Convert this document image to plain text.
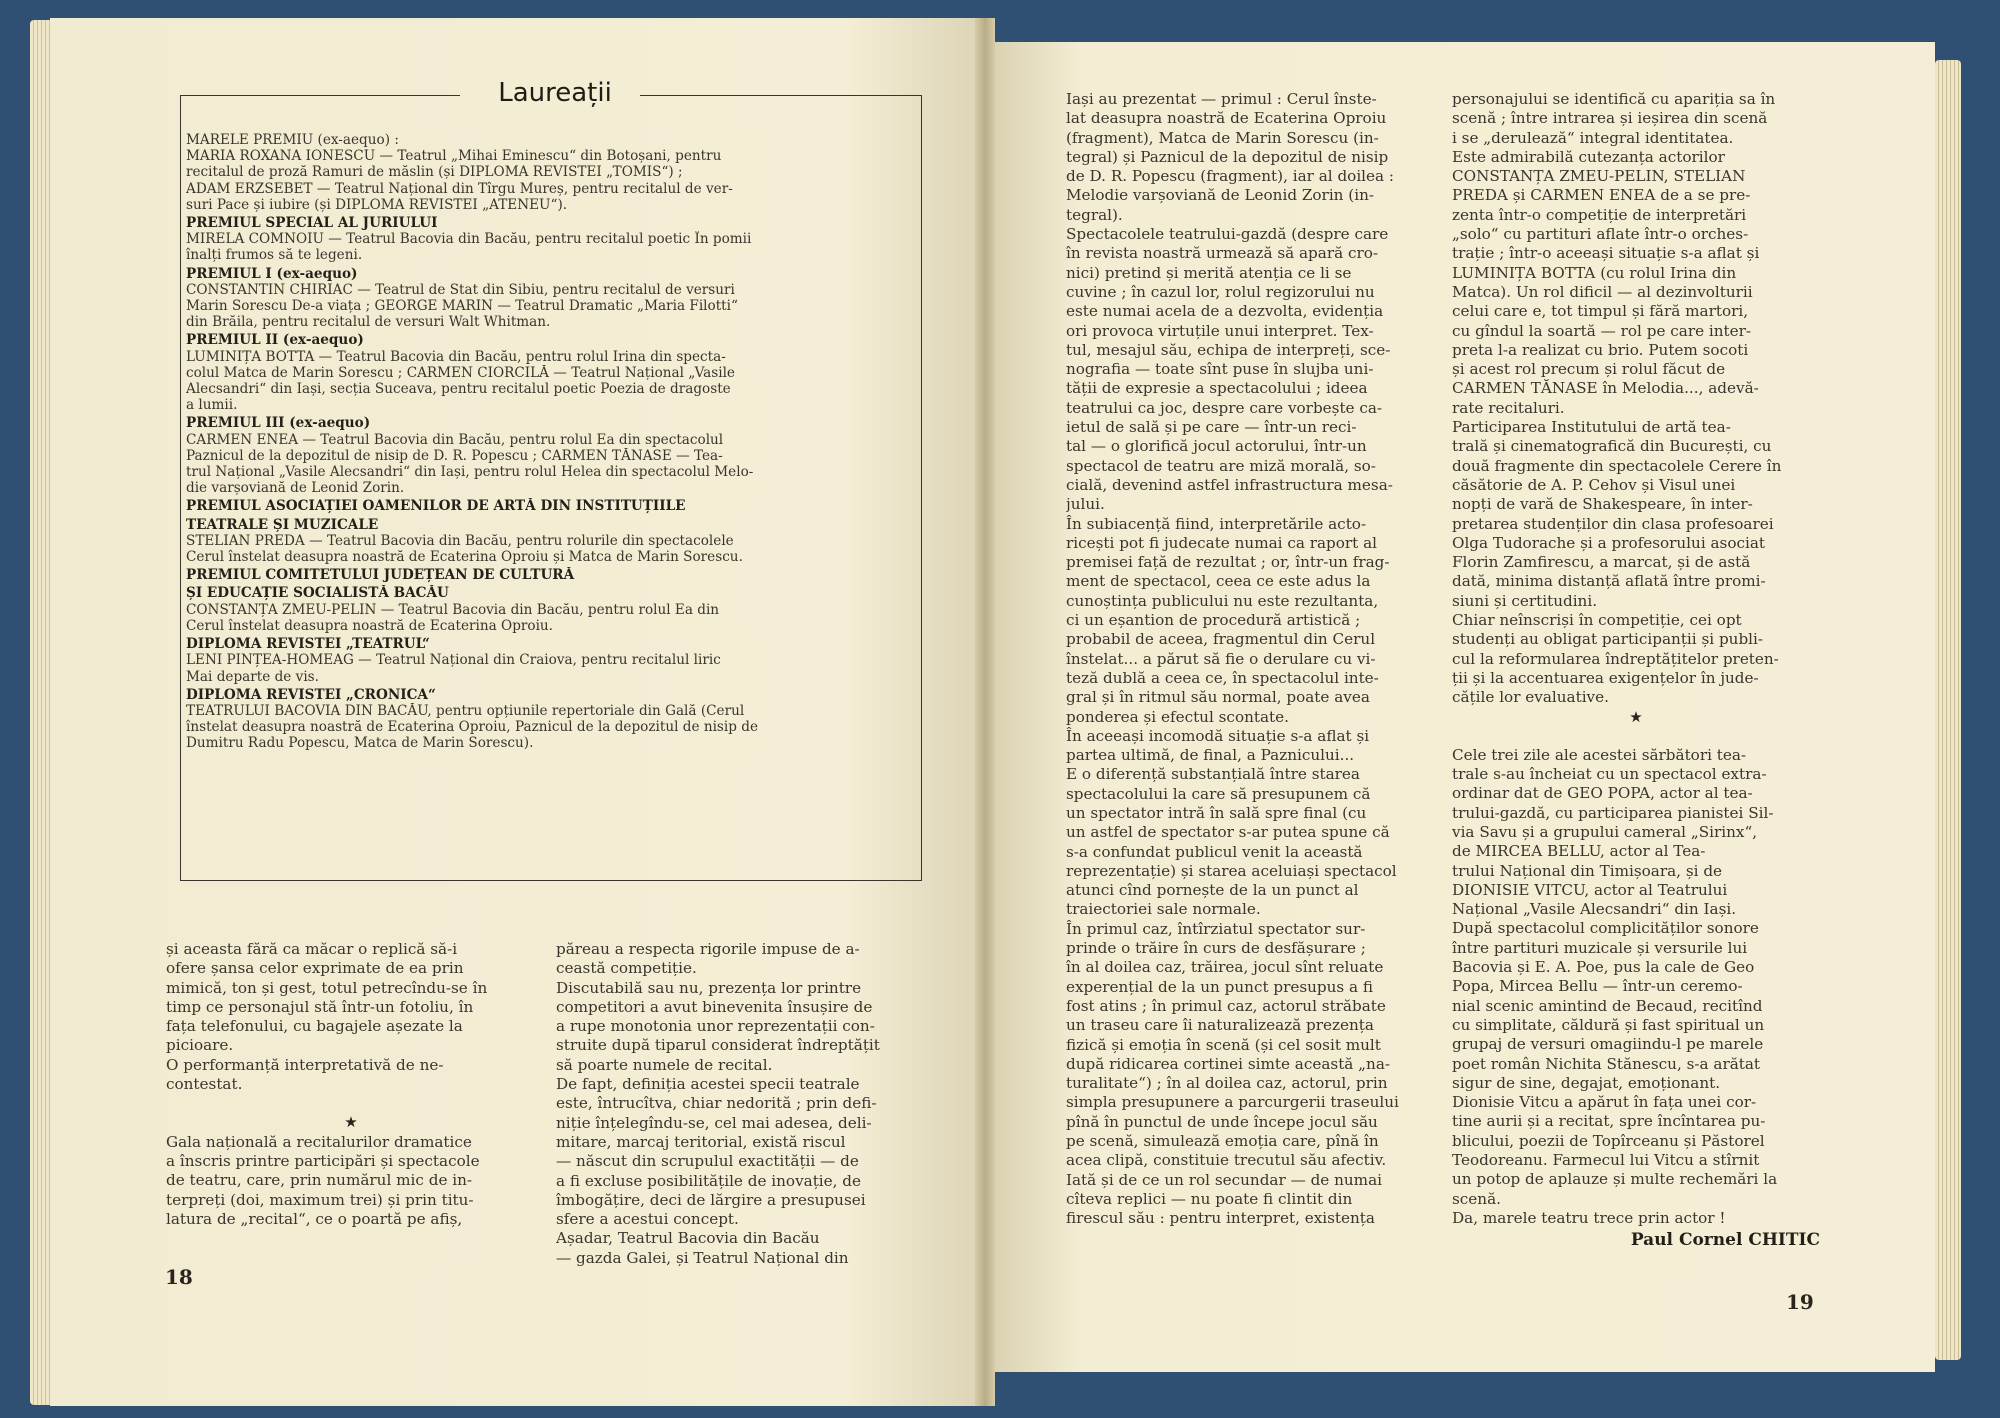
Laureații
MARELE PREMIU (ex-aequo) :
MARIA ROXANA IONESCU — Teatrul „Mihai Eminescu“ din Botoșani, pentru
recitalul de proză Ramuri de măslin (și DIPLOMA REVISTEI „TOMIS“) ;
ADAM ERZSEBET — Teatrul Național din Tîrgu Mureș, pentru recitalul de ver-
suri Pace și iubire (și DIPLOMA REVISTEI „ATENEU“).
PREMIUL SPECIAL AL JURIULUI
MIRELA COMNOIU — Teatrul Bacovia din Bacău, pentru recitalul poetic În pomii
înalți frumos să te legeni.
PREMIUL I (ex-aequo)
CONSTANTIN CHIRIAC — Teatrul de Stat din Sibiu, pentru recitalul de versuri
Marin Sorescu De-a viața ; GEORGE MARIN — Teatrul Dramatic „Maria Filotti“
din Brăila, pentru recitalul de versuri Walt Whitman.
PREMIUL II (ex-aequo)
LUMINIȚA BOTTA — Teatrul Bacovia din Bacău, pentru rolul Irina din specta-
colul Matca de Marin Sorescu ; CARMEN CIORCILĂ — Teatrul Național „Vasile
Alecsandri“ din Iași, secția Suceava, pentru recitalul poetic Poezia de dragoste
a lumii.
PREMIUL III (ex-aequo)
CARMEN ENEA — Teatrul Bacovia din Bacău, pentru rolul Ea din spectacolul
Paznicul de la depozitul de nisip de D. R. Popescu ; CARMEN TĂNASE — Tea-
trul Național „Vasile Alecsandri“ din Iași, pentru rolul Helea din spectacolul Melo-
die varșoviană de Leonid Zorin.
PREMIUL ASOCIAȚIEI OAMENILOR DE ARTĂ DIN INSTITUȚIILE
TEATRALE ȘI MUZICALE
STELIAN PREDA — Teatrul Bacovia din Bacău, pentru rolurile din spectacolele
Cerul înstelat deasupra noastră de Ecaterina Oproiu și Matca de Marin Sorescu.
PREMIUL COMITETULUI JUDEȚEAN DE CULTURĂ
ȘI EDUCAȚIE SOCIALISTĂ BACĂU
CONSTANȚA ZMEU-PELIN — Teatrul Bacovia din Bacău, pentru rolul Ea din
Cerul înstelat deasupra noastră de Ecaterina Oproiu.
DIPLOMA REVISTEI „TEATRUL“
LENI PINȚEA-HOMEAG — Teatrul Național din Craiova, pentru recitalul liric
Mai departe de vis.
DIPLOMA REVISTEI „CRONICA“
TEATRULUI BACOVIA DIN BACĂU, pentru opțiunile repertoriale din Gală (Cerul
înstelat deasupra noastră de Ecaterina Oproiu, Paznicul de la depozitul de nisip de
Dumitru Radu Popescu, Matca de Marin Sorescu).
și aceasta fără ca măcar o replică să-i
ofere șansa celor exprimate de ea prin
mimică, ton și gest, totul petrecîndu-se în
timp ce personajul stă într-un fotoliu, în
fața telefonului, cu bagajele așezate la
picioare.
O performanță interpretativă de ne-
contestat.
★
Gala națională a recitalurilor dramatice
a înscris printre participări și spectacole
de teatru, care, prin numărul mic de in-
terpreți (doi, maximum trei) și prin titu-
latura de „recital“, ce o poartă pe afiș,
păreau a respecta rigorile impuse de a-
ceastă competiție.
Discutabilă sau nu, prezența lor printre
competitori a avut binevenita însușire de
a rupe monotonia unor reprezentații con-
struite după tiparul considerat îndreptățit
să poarte numele de recital.
De fapt, definiția acestei specii teatrale
este, întrucîtva, chiar nedorită ; prin defi-
niție înțelegîndu-se, cel mai adesea, deli-
mitare, marcaj teritorial, există riscul
— născut din scrupulul exactității — de
a fi excluse posibilitățile de inovație, de
îmbogățire, deci de lărgire a presupusei
sfere a acestui concept.
Așadar, Teatrul Bacovia din Bacău
— gazda Galei, și Teatrul Național din
Iași au prezentat — primul : Cerul înste-
lat deasupra noastră de Ecaterina Oproiu
(fragment), Matca de Marin Sorescu (in-
tegral) și Paznicul de la depozitul de nisip
de D. R. Popescu (fragment), iar al doilea :
Melodie varșoviană de Leonid Zorin (in-
tegral).
Spectacolele teatrului-gazdă (despre care
în revista noastră urmează să apară cro-
nici) pretind și merită atenția ce li se
cuvine ; în cazul lor, rolul regizorului nu
este numai acela de a dezvolta, evidenția
ori provoca virtuțile unui interpret. Tex-
tul, mesajul său, echipa de interpreți, sce-
nografia — toate sînt puse în slujba uni-
tății de expresie a spectacolului ; ideea
teatrului ca joc, despre care vorbește ca-
ietul de sală și pe care — într-un reci-
tal — o glorifică jocul actorului, într-un
spectacol de teatru are miză morală, so-
cială, devenind astfel infrastructura mesa-
jului.
În subiacență fiind, interpretările acto-
ricești pot fi judecate numai ca raport al
premisei față de rezultat ; or, într-un frag-
ment de spectacol, ceea ce este adus la
cunoștința publicului nu este rezultanta,
ci un eșantion de procedură artistică ;
probabil de aceea, fragmentul din Cerul
înstelat... a părut să fie o derulare cu vi-
teză dublă a ceea ce, în spectacolul inte-
gral și în ritmul său normal, poate avea
ponderea și efectul scontate.
În aceeași incomodă situație s-a aflat și
partea ultimă, de final, a Paznicului...
E o diferență substanțială între starea
spectacolului la care să presupunem că
un spectator intră în sală spre final (cu
un astfel de spectator s-ar putea spune că
s-a confundat publicul venit la această
reprezentație) și starea aceluiași spectacol
atunci cînd pornește de la un punct al
traiectoriei sale normale.
În primul caz, întîrziatul spectator sur-
prinde o trăire în curs de desfășurare ;
în al doilea caz, trăirea, jocul sînt reluate
experențial de la un punct presupus a fi
fost atins ; în primul caz, actorul străbate
un traseu care îi naturalizează prezența
fizică și emoția în scenă (și cel sosit mult
după ridicarea cortinei simte această „na-
turalitate“) ; în al doilea caz, actorul, prin
simpla presupunere a parcurgerii traseului
pînă în punctul de unde începe jocul său
pe scenă, simulează emoția care, pînă în
acea clipă, constituie trecutul său afectiv.
Iată și de ce un rol secundar — de numai
cîteva replici — nu poate fi clintit din
firescul său : pentru interpret, existența
personajului se identifică cu apariția sa în
scenă ; între intrarea și ieșirea din scenă
i se „derulează“ integral identitatea.
Este admirabilă cutezanța actorilor
CONSTANȚA ZMEU-PELIN, STELIAN
PREDA și CARMEN ENEA de a se pre-
zenta într-o competiție de interpretări
„solo“ cu partituri aflate într-o orches-
trație ; într-o aceeași situație s-a aflat și
LUMINIȚA BOTTA (cu rolul Irina din
Matca). Un rol dificil — al dezinvolturii
celui care e, tot timpul și fără martori,
cu gîndul la soartă — rol pe care inter-
preta l-a realizat cu brio. Putem socoti
și acest rol precum și rolul făcut de
CARMEN TĂNASE în Melodia..., adevă-
rate recitaluri.
Participarea Institutului de artă tea-
trală și cinematografică din București, cu
două fragmente din spectacolele Cerere în
căsătorie de A. P. Cehov și Visul unei
nopți de vară de Shakespeare, în inter-
pretarea studenților din clasa profesoarei
Olga Tudorache și a profesorului asociat
Florin Zamfirescu, a marcat, și de astă
dată, minima distanță aflată între promi-
siuni și certitudini.
Chiar neînscriși în competiție, cei opt
studenți au obligat participanții și publi-
cul la reformularea îndreptățitelor preten-
ții și la accentuarea exigențelor în jude-
cățile lor evaluative.
★
Cele trei zile ale acestei sărbători tea-
trale s-au încheiat cu un spectacol extra-
ordinar dat de GEO POPA, actor al tea-
trului-gazdă, cu participarea pianistei Sil-
via Savu și a grupului cameral „Sirinx“,
de MIRCEA BELLU, actor al Tea-
trului Național din Timișoara, și de
DIONISIE VITCU, actor al Teatrului
Național „Vasile Alecsandri“ din Iași.
După spectacolul complicităților sonore
între partituri muzicale și versurile lui
Bacovia și E. A. Poe, pus la cale de Geo
Popa, Mircea Bellu — într-un ceremo-
nial scenic amintind de Becaud, recitînd
cu simplitate, căldură și fast spiritual un
grupaj de versuri omagiindu-l pe marele
poet român Nichita Stănescu, s-a arătat
sigur de sine, degajat, emoționant.
Dionisie Vitcu a apărut în fața unei cor-
tine aurii și a recitat, spre încîntarea pu-
blicului, poezii de Topîrceanu și Păstorel
Teodoreanu. Farmecul lui Vitcu a stîrnit
un potop de aplauze și multe rechemări la
scenă.
Da, marele teatru trece prin actor !
Paul Cornel CHITIC
18
19
